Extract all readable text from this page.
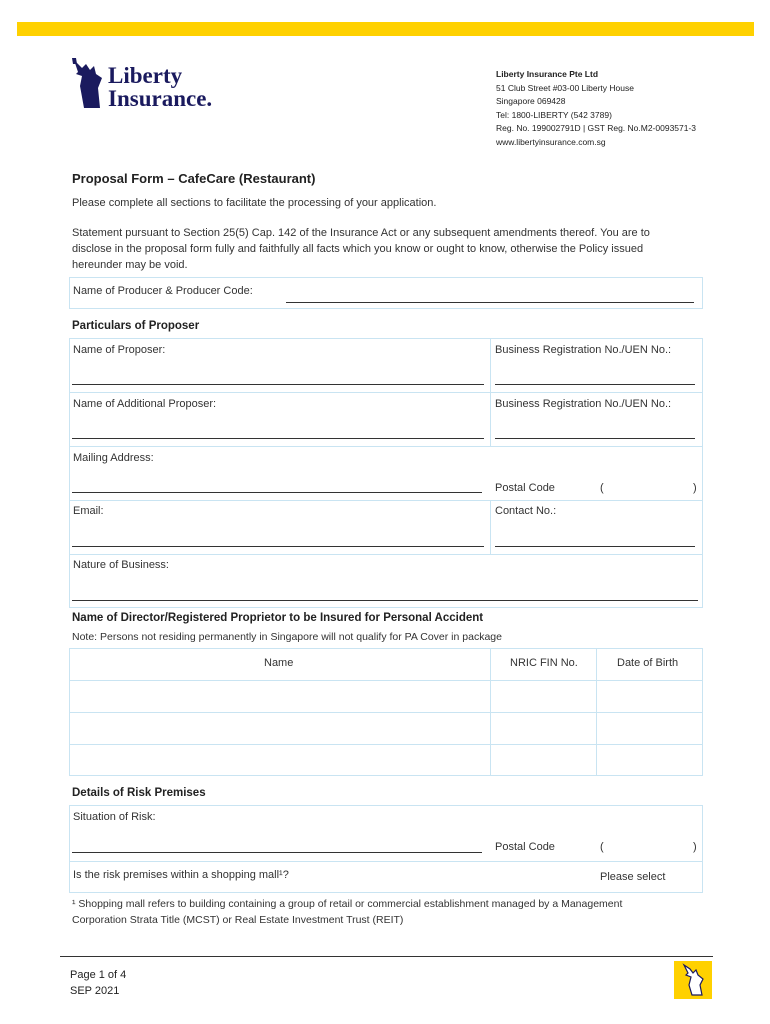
Liberty
Insurance.
Liberty Insurance Pte Ltd
51 Club Street #03-00 Liberty House
Singapore 069428
Tel: 1800-LIBERTY (542 3789)
Reg. No. 199002791D | GST Reg. No.M2-0093571-3
www.libertyinsurance.com.sg
Proposal Form – CafeCare (Restaurant)
Please complete all sections to facilitate the processing of your application.
Statement pursuant to Section 25(5) Cap. 142 of the Insurance Act or any subsequent amendments thereof. You are to
disclose in the proposal form fully and faithfully all facts which you know or ought to know, otherwise the Policy issued
hereunder may be void.
Name of Producer & Producer Code:
Particulars of Proposer
Name of Proposer:	Business Registration No./UEN No.:
Name of Additional Proposer:	Business Registration No./UEN No.:
Mailing Address:
Postal Code	(	)
Email:	Contact No.:
Nature of Business:
Name of Director/Registered Proprietor to be Insured for Personal Accident
Note: Persons not residing permanently in Singapore will not qualify for PA Cover in package
Name	NRIC FIN No.	Date of Birth
Details of Risk Premises
Situation of Risk:
Postal Code	(	)
Is the risk premises within a shopping mall¹?	Please select
¹ Shopping mall refers to building containing a group of retail or commercial establishment managed by a Management
Corporation Strata Title (MCST) or Real Estate Investment Trust (REIT)
Page 1 of 4
SEP 2021
